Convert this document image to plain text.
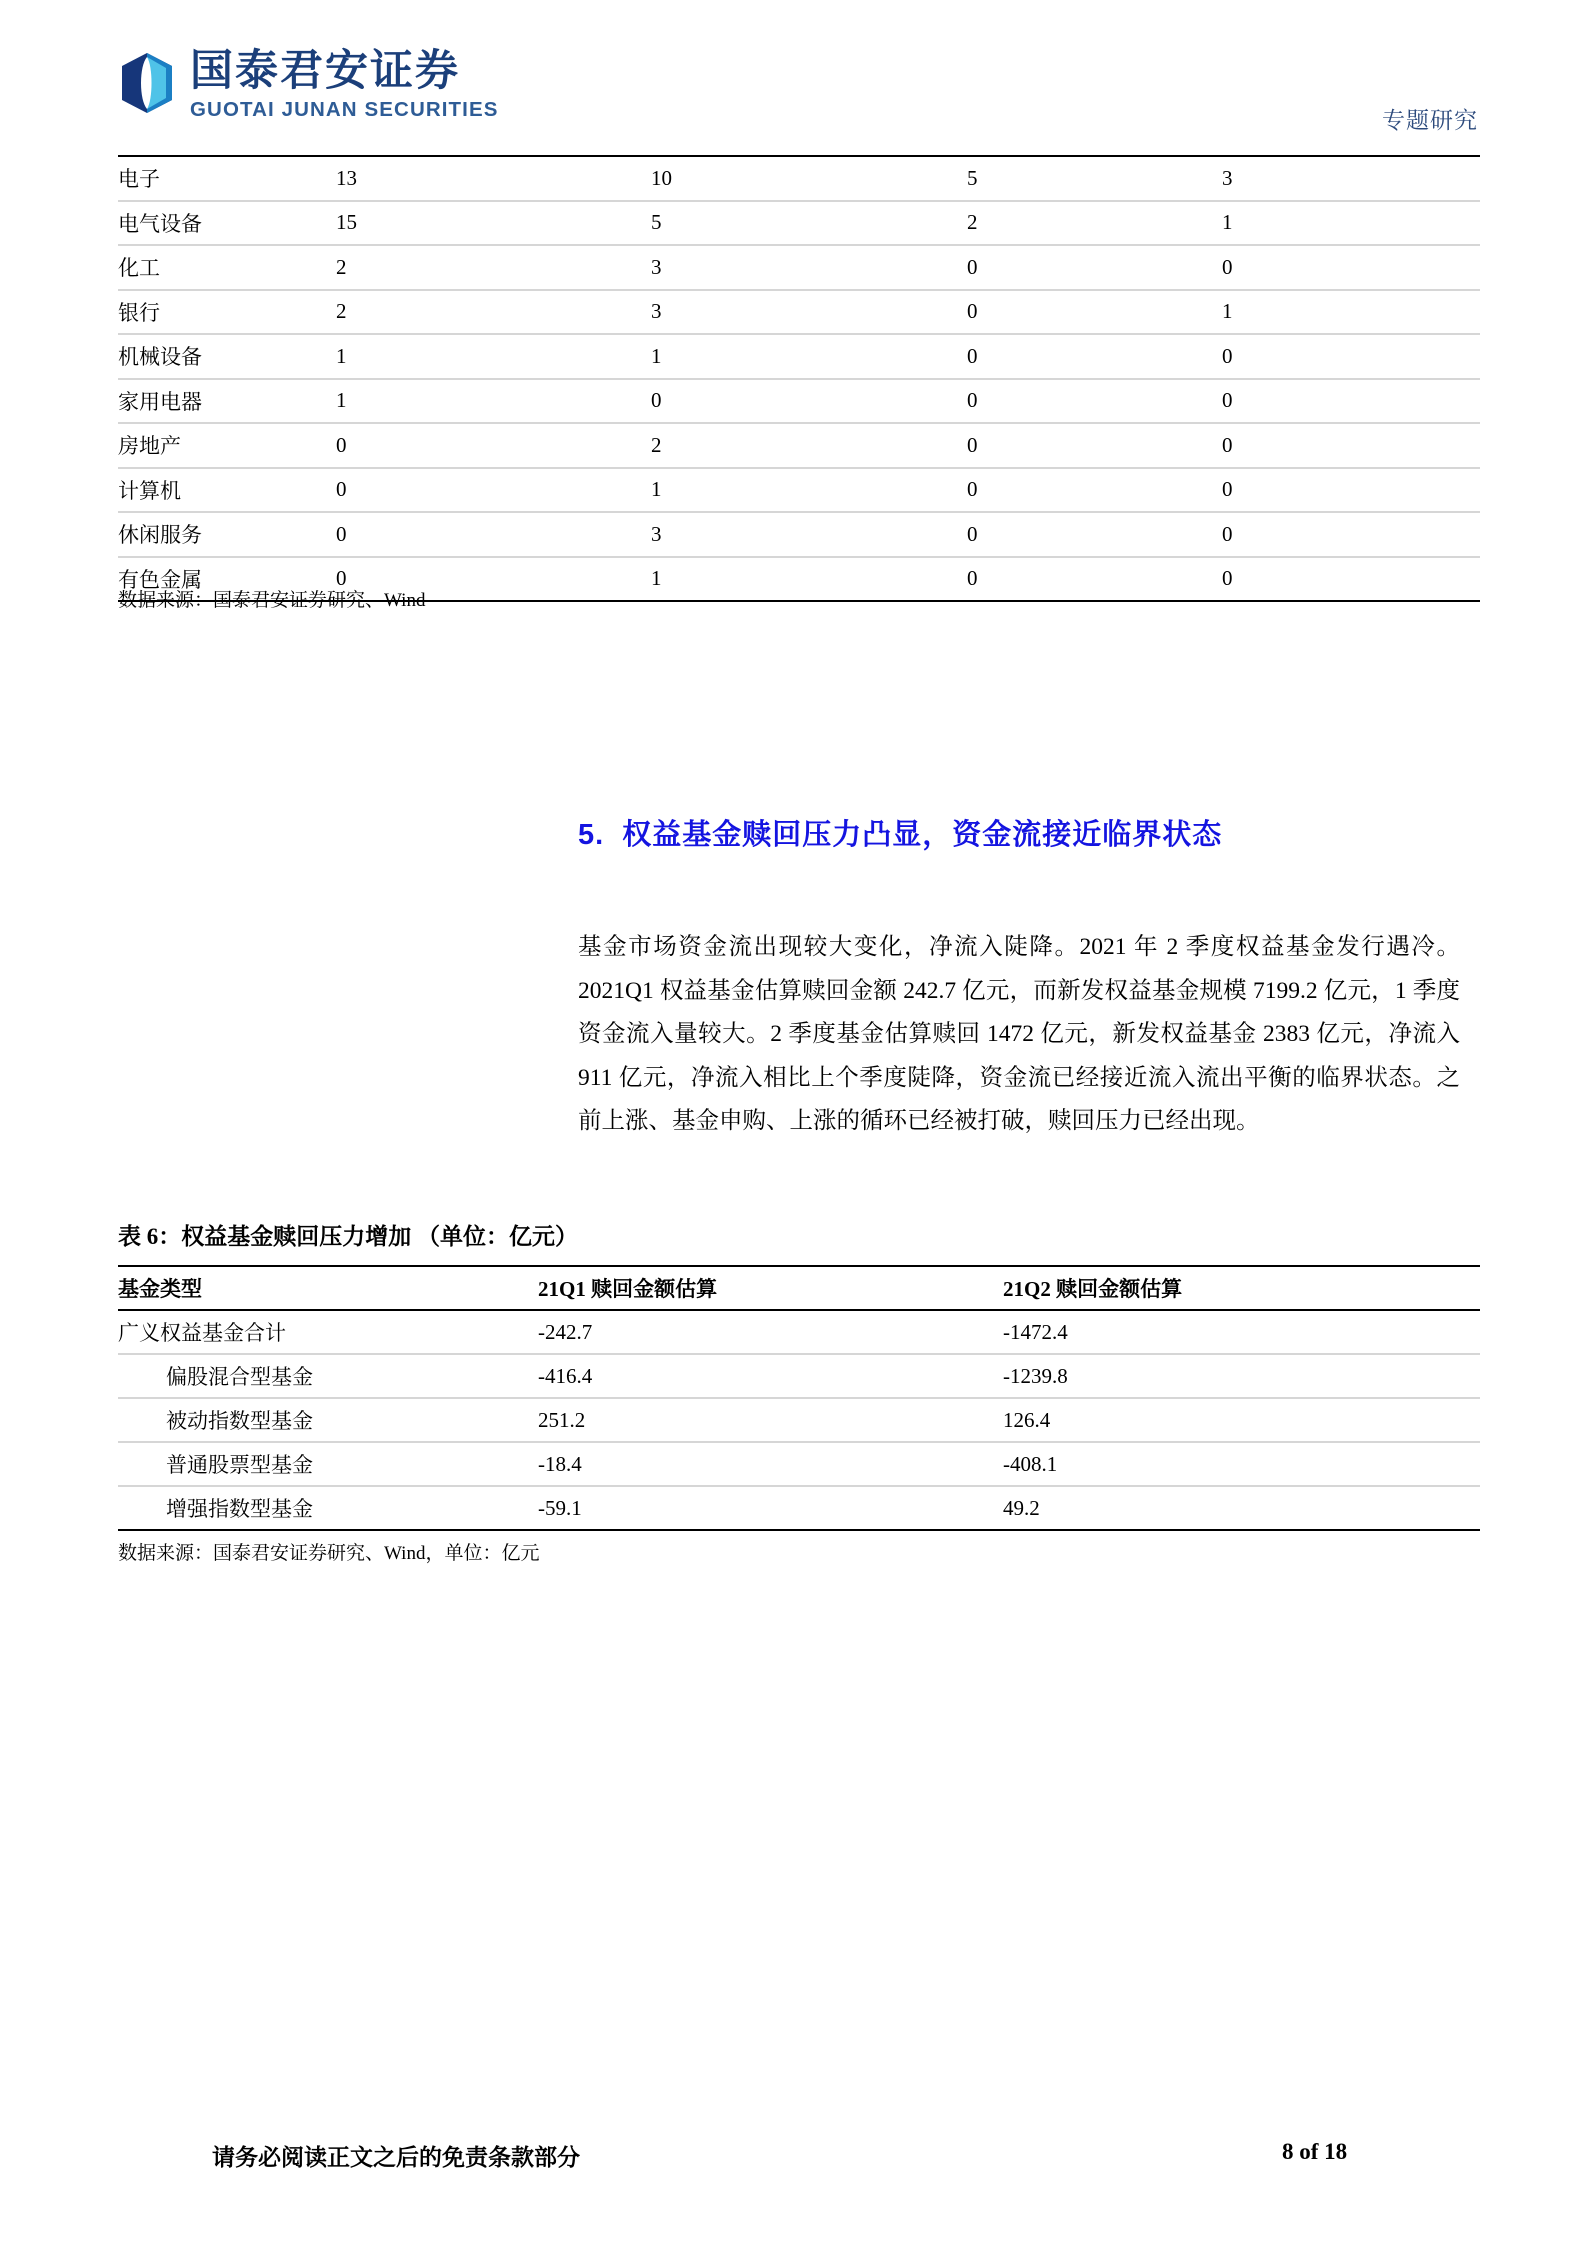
国泰君安证券
GUOTAI JUNAN SECURITIES	专题研究
电子	13	10	5	3
电气设备	15	5	2	1
化工	2	3	0	0
银行	2	3	0	1
机械设备	1	1	0	0
家用电器	1	0	0	0
房地产	0	2	0	0
计算机	0	1	0	0
休闲服务	0	3	0	0
有色金属	0	1	0	0
数据来源：国泰君安证券研究、Wind
5. 权益基金赎回压力凸显，资金流接近临界状态
基金市场资金流出现较大变化，净流入陡降。2021 年 2 季度权益基金发行遇冷。2021Q1 权益基金估算赎回金额 242.7 亿元，而新发权益基金规模 7199.2 亿元，1 季度资金流入量较大。2 季度基金估算赎回 1472 亿元，新发权益基金 2383 亿元，净流入 911 亿元，净流入相比上个季度陡降，资金流已经接近流入流出平衡的临界状态。之前上涨、基金申购、上涨的循环已经被打破，赎回压力已经出现。
表 6：权益基金赎回压力增加 （单位：亿元）
基金类型	21Q1 赎回金额估算	21Q2 赎回金额估算
广义权益基金合计	-242.7	-1472.4
偏股混合型基金	-416.4	-1239.8
被动指数型基金	251.2	126.4
普通股票型基金	-18.4	-408.1
增强指数型基金	-59.1	49.2
数据来源：国泰君安证券研究、Wind，单位：亿元
请务必阅读正文之后的免责条款部分	8 of 18
